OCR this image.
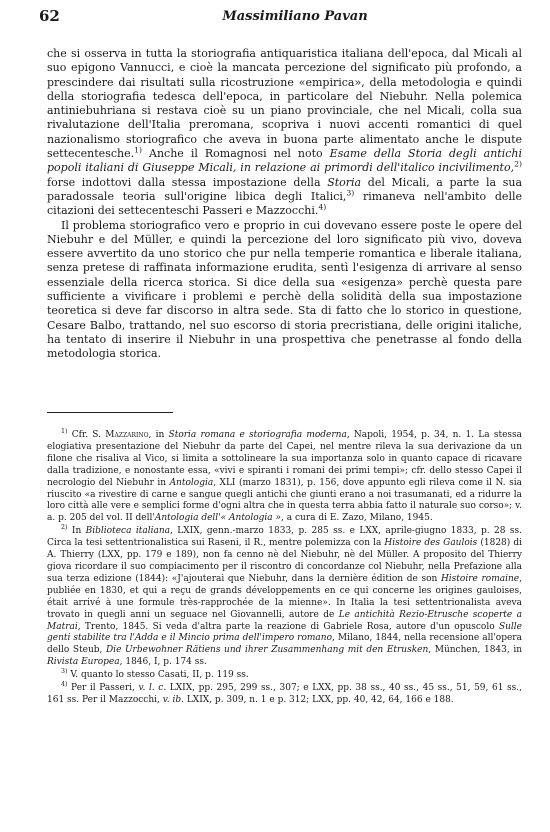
62	Massimiliano Pavan

che si osserva in tutta la storiografia antiquaristica italiana dell'epoca, dal Micali al suo epigono Vannucci, e cioè la mancata percezione del significato più profondo, a prescindere dai risultati sulla ricostruzione «empirica», della metodologia e quindi della storiografia tedesca dell'epoca, in particolare del Niebuhr. Nella polemica antiniebuhriana si restava cioè su un piano provinciale, che nel Micali, colla sua rivalutazione dell'Italia preromana, scopriva i nuovi accenti romantici di quel nazionalismo storiografico che aveva in buona parte alimentato anche le dispute settecentesche.$^{1)}$ Anche il Romagnosi nel noto Esame della Storia degli antichi popoli italiani di Giuseppe Micali, in relazione ai primordi dell'italico incivilimento,$^{2)}$ forse indottovi dalla stessa impostazione della Storia del Micali, a parte la sua paradossale teoria sull'origine libica degli Italici,$^{3)}$ rimaneva nell'ambito delle citazioni dei settecenteschi Passeri e Mazzocchi.$^{4)}$

Il problema storiografico vero e proprio in cui dovevano essere poste le opere del Niebuhr e del Müller, e quindi la percezione del loro significato più vivo, doveva essere avvertito da uno storico che pur nella temperie romantica e liberale italiana, senza pretese di raffinata informazione erudita, sentì l'esigenza di arrivare al senso essenziale della ricerca storica. Si dice della sua «esigenza» perchè questa pare sufficiente a vivificare i problemi e perchè della solidità della sua impostazione teoretica si deve far discorso in altra sede. Sta di fatto che lo storico in questione, Cesare Balbo, trattando, nel suo escorso di storia precristiana, delle origini italiche, ha tentato di inserire il Niebuhr in una prospettiva che penetrasse al fondo della metodologia storica.

$^{1)}$ Cfr. S. Mazzarino, in Storia romana e storiografia moderna, Napoli, 1954, p. 34, n. 1. La stessa elogiativa presentazione del Niebuhr da parte del Capei, nel mentre rileva la sua derivazione da un filone che risaliva al Vico, si limita a sottolineare la sua importanza solo in quanto capace di ricavare dalla tradizione, e nonostante essa, «vivi e spiranti i romani dei primi tempi»; cfr. dello stesso Capei il necrologio del Niebuhr in Antologia, XLI (marzo 1831), p. 156, dove appunto egli rileva come il N. sia riuscito «a rivestire di carne e sangue quegli antichi che giunti erano a noi trasumanati, ed a ridurre la loro città alle vere e semplici forme d'ogni altra che in questa terra abbia fatto il naturale suo corso»; v. a. p. 205 del vol. II dell'Antologia dell'« Antologia », a cura di E. Zazo, Milano, 1945.

$^{2)}$ In Biblioteca italiana, LXIX, genn.-marzo 1833, p. 285 ss. e LXX, aprile-giugno 1833, p. 28 ss. Circa la tesi settentrionalistica sui Raseni, il R., mentre polemizza con la Histoire des Gaulois (1828) di A. Thierry (LXX, pp. 179 e 189), non fa cenno nè del Niebuhr, nè del Müller. A proposito del Thierry giova ricordare il suo compiacimento per il riscontro di concordanze col Niebuhr, nella Prefazione alla sua terza edizione (1844): «J'ajouterai que Niebuhr, dans la dernière édition de son Histoire romaine, publiée en 1830, et qui a reçu de grands développements en ce qui concerne les origines gauloises, était arrivé à une formule très-rapprochée de la mienne». In Italia la tesi settentrionalista aveva trovato in quegli anni un seguace nel Giovannelli, autore de Le antichità Rezio-Etrusche scoperte a Matrai, Trento, 1845. Si veda d'altra parte la reazione di Gabriele Rosa, autore d'un opuscolo Sulle genti stabilite tra l'Adda e il Mincio prima dell'impero romano, Milano, 1844, nella recensione all'opera dello Steub, Die Urbewohner Rätiens und ihrer Zusammenhang mit den Etrusken, München, 1843, in Rivista Europea, 1846, I, p. 174 ss.

$^{3)}$ V. quanto lo stesso Casati, II, p. 119 ss.

$^{4)}$ Per il Passeri, v. l. c. LXIX, pp. 295, 299 ss., 307; e LXX, pp. 38 ss., 40 ss., 45 ss., 51, 59, 61 ss., 161 ss. Per il Mazzocchi, v. ib. LXIX, p. 309, n. 1 e p. 312; LXX, pp. 40, 42, 64, 166 e 188.
